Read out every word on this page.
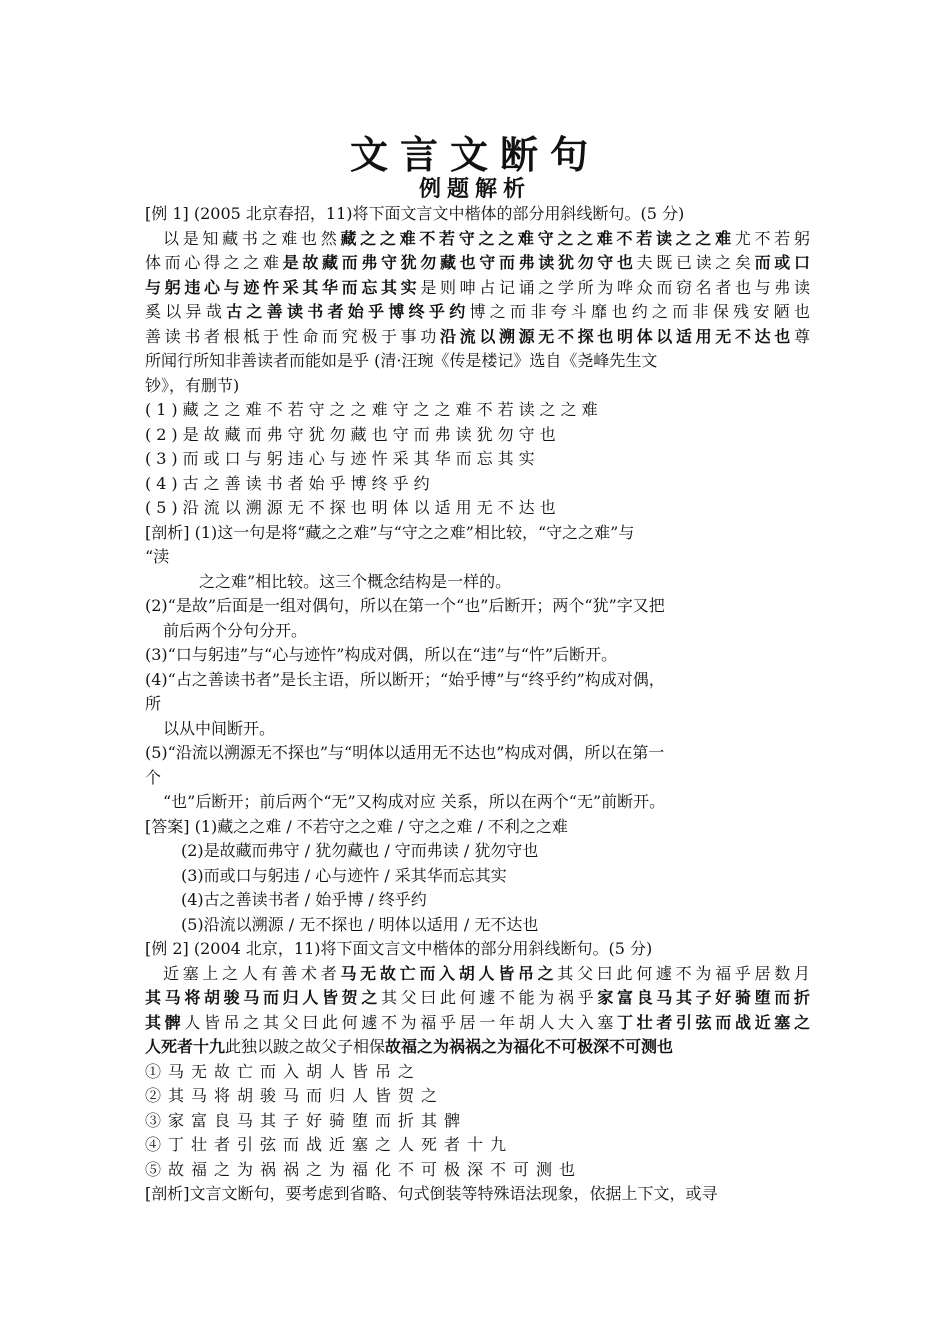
文言文断句
例题解析
[例 1] (2005 北京春招，11)将下面文言文中楷体的部分用斜线断句。(5 分)
以是知藏书之难也然藏之之难不若守之之难守之之难不若读之之难尤不若躬
体而心得之之难是故藏而弗守犹勿藏也守而弗读犹勿守也夫既已读之矣而或口
与躬违心与迹忤采其华而忘其实是则呻占记诵之学所为哗众而窃名者也与弗读
奚以异哉古之善读书者始乎博终乎约博之而非夸斗靡也约之而非保残安陋也
善读书者根柢于性命而究极于事功沿流以溯源无不探也明体以适用无不达也尊
所闻行所知非善读者而能如是乎 (清·汪琬《传是楼记》选自《尧峰先生文
钞》，有删节)
(1)藏之之难不若守之之难守之之难不若读之之难
(2)是故藏而弗守犹勿藏也守而弗读犹勿守也
(3)而或口与躬违心与迹忤采其华而忘其实
(4)古之善读书者始乎博终乎约
(5)沿流以溯源无不探也明体以适用无不达也
[剖析] (1)这一句是将“藏之之难”与“守之之难”相比较，“守之之难”与
“渎
之之难”相比较。这三个概念结构是一样的。
(2)“是故”后面是一组对偶句，所以在第一个“也”后断开；两个“犹”字又把
前后两个分句分开。
(3)“口与躬违”与“心与迹忤”构成对偶，所以在“违”与“忤”后断开。
(4)“占之善读书者”是长主语，所以断开；“始乎博”与“终乎约”构成对偶，
所
以从中间断开。
(5)“沿流以溯源无不探也”与“明体以适用无不达也”构成对偶，所以在第一
个
“也”后断开；前后两个“无”又构成对应 关系，所以在两个“无”前断开。
[答案] (1)藏之之难 / 不若守之之难 / 守之之难 / 不利之之难
(2)是故藏而弗守 / 犹勿藏也 / 守而弗读 / 犹勿守也
(3)而或口与躬违 / 心与迹忤 / 采其华而忘其实
(4)古之善读书者 / 始乎博 / 终乎约
(5)沿流以溯源 / 无不探也 / 明体以适用 / 无不达也
[例 2] (2004 北京，11)将下面文言文中楷体的部分用斜线断句。(5 分)
近塞上之人有善术者马无故亡而入胡人皆吊之其父曰此何遽不为福乎居数月
其马将胡骏马而归人皆贺之其父曰此何遽不能为祸乎家富良马其子好骑堕而折
其髀人皆吊之其父曰此何遽不为福乎居一年胡人大入塞丁壮者引弦而战近塞之
人死者十九此独以跛之故父子相保故福之为祸祸之为福化不可极深不可测也
①马无故亡而入胡人皆吊之
②其马将胡骏马而归人皆贺之
③家富良马其子好骑堕而折其髀
④丁壮者引弦而战近塞之人死者十九
⑤故福之为祸祸之为福化不可极深不可测也
[剖析]文言文断句，要考虑到省略、句式倒装等特殊语法现象，依据上下文，或寻
